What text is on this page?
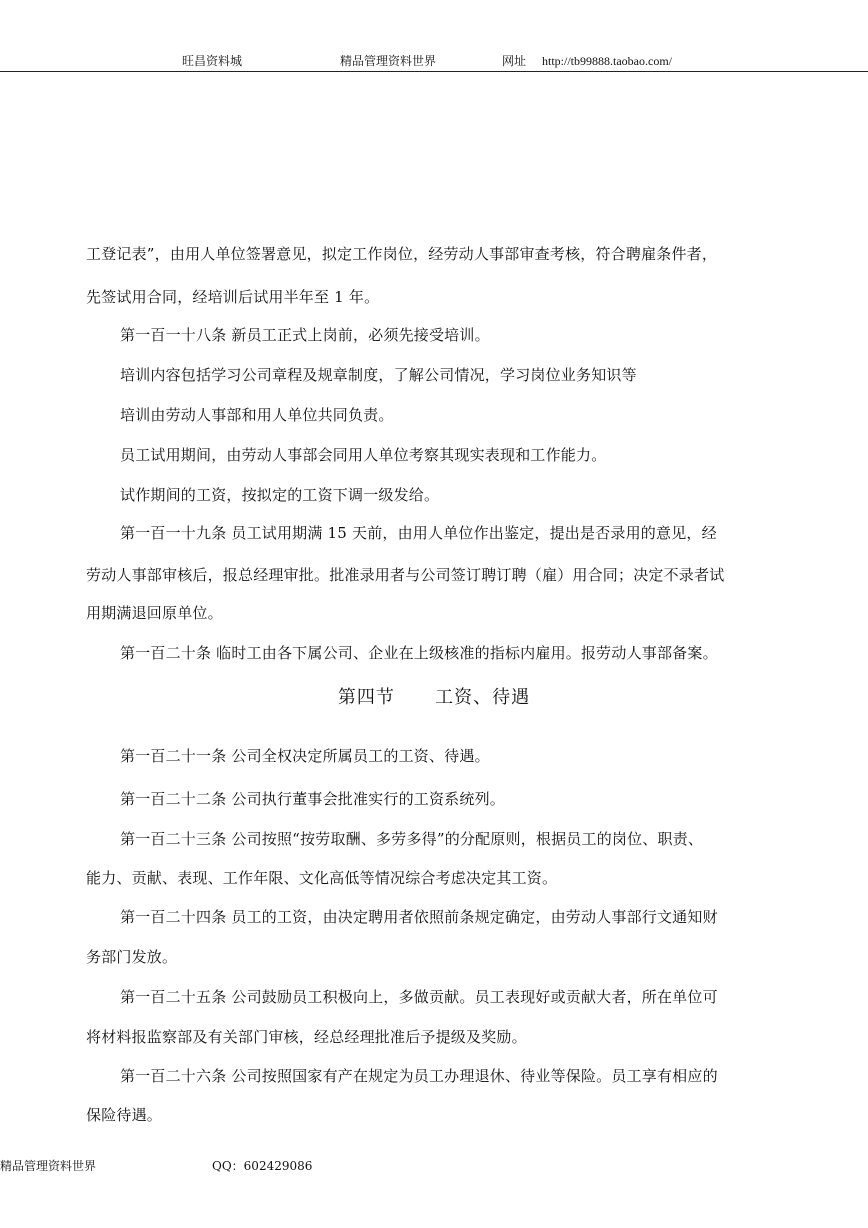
旺昌资料城	精品管理资料世界	网址 http://tb99888.taobao.com/
工登记表”，由用人单位签署意见，拟定工作岗位，经劳动人事部审查考核，符合聘雇条件者，
先签试用合同，经培训后试用半年至 1 年。
第一百一十八条 新员工正式上岗前，必须先接受培训。
培训内容包括学习公司章程及规章制度，了解公司情况，学习岗位业务知识等
培训由劳动人事部和用人单位共同负责。
员工试用期间，由劳动人事部会同用人单位考察其现实表现和工作能力。
试作期间的工资，按拟定的工资下调一级发给。
第一百一十九条 员工试用期满 15 天前，由用人单位作出鉴定，提出是否录用的意见，经
劳动人事部审核后，报总经理审批。批准录用者与公司签订聘订聘（雇）用合同；决定不录者试
用期满退回原单位。
第一百二十条 临时工由各下属公司、企业在上级核准的指标内雇用。报劳动人事部备案。
第一百二十一条 公司全权决定所属员工的工资、待遇。
第一百二十二条 公司执行董事会批准实行的工资系统列。
第一百二十三条 公司按照“按劳取酬、多劳多得”的分配原则，根据员工的岗位、职责、
能力、贡献、表现、工作年限、文化高低等情况综合考虑决定其工资。
第一百二十四条 员工的工资，由决定聘用者依照前条规定确定，由劳动人事部行文通知财
务部门发放。
第一百二十五条 公司鼓励员工积极向上，多做贡献。员工表现好或贡献大者，所在单位可
将材料报监察部及有关部门审核，经总经理批准后予提级及奖励。
第一百二十六条 公司按照国家有产在规定为员工办理退休、待业等保险。员工享有相应的
保险待遇。
第四节      工资、待遇
精品管理资料世界	QQ：602429086
